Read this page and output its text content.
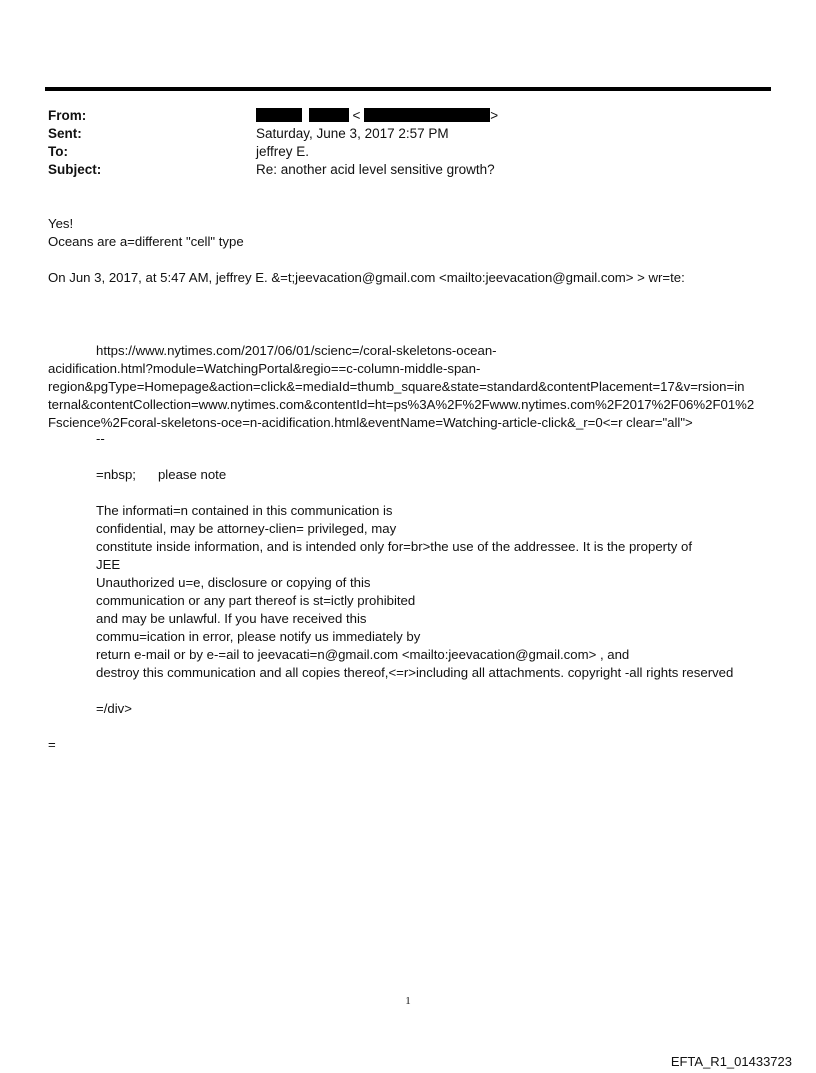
From:	<	>
Sent:	Saturday, June 3, 2017 2:57 PM
To:	jeffrey E.
Subject:	Re: another acid level sensitive growth?
Yes!
Oceans are a=different "cell" type
On Jun 3, 2017, at 5:47 AM, jeffrey E. &=t;jeevacation@gmail.com <mailto:jeevacation@gmail.com> > wr=te:
https://www.nytimes.com/2017/06/01/scienc=/coral-skeletons-ocean-
acidification.html?module=WatchingPortal&regio==c-column-middle-span-
region&pgType=Homepage&action=click&=mediaId=thumb_square&state=standard&contentPlacement=17&v=rsion=in
ternal&contentCollection=www.nytimes.com&contentId=ht=ps%3A%2F%2Fwww.nytimes.com%2F2017%2F06%2F01%2
Fscience%2Fcoral-skeletons-oce=n-acidification.html&eventName=Watching-article-click&_r=0<=r clear="all">
--
=nbsp; please note
The informati=n contained in this communication is
confidential, may be attorney-clien= privileged, may
constitute inside information, and is intended only for=br>the use of the addressee. It is the property of
JEE
Unauthorized u=e, disclosure or copying of this
communication or any part thereof is st=ictly prohibited
and may be unlawful. If you have received this
commu=ication in error, please notify us immediately by
return e-mail or by e-=ail to jeevacati=n@gmail.com <mailto:jeevacation@gmail.com> , and
destroy this communication and all copies thereof,<=r>including all attachments. copyright -all rights reserved
=/div>
=
1
EFTA_R1_01433723
